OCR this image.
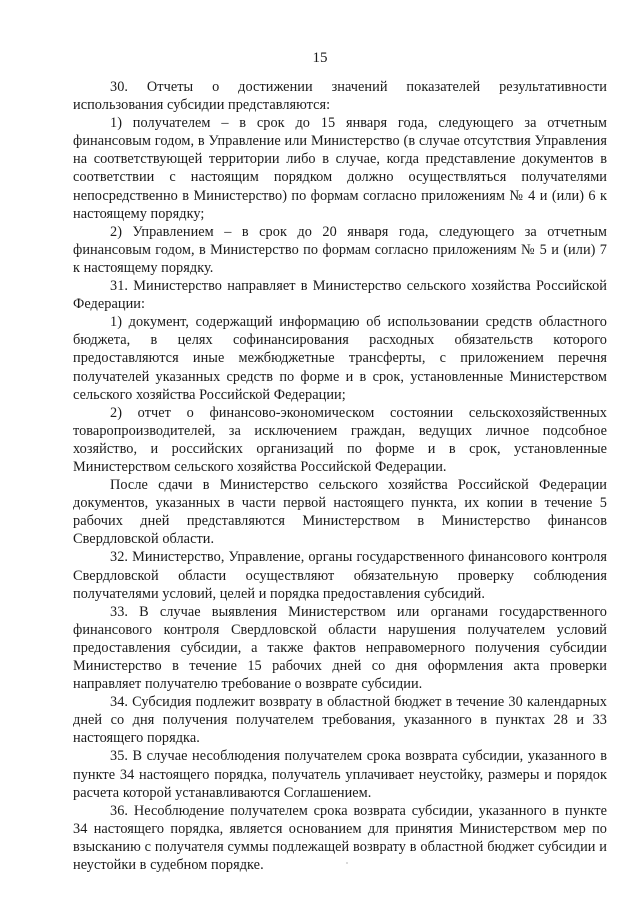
15

30. Отчеты о достижении значений показателей результативности использования субсидии представляются:

1) получателем – в срок до 15 января года, следующего за отчетным финансовым годом, в Управление или Министерство (в случае отсутствия Управления на соответствующей территории либо в случае, когда представление документов в соответствии с настоящим порядком должно осуществляться получателями непосредственно в Министерство) по формам согласно приложениям № 4 и (или) 6 к настоящему порядку;

2) Управлением – в срок до 20 января года, следующего за отчетным финансовым годом, в Министерство по формам согласно приложениям № 5 и (или) 7 к настоящему порядку.

31. Министерство направляет в Министерство сельского хозяйства Российской Федерации:

1) документ, содержащий информацию об использовании средств областного бюджета, в целях софинансирования расходных обязательств которого предоставляются иные межбюджетные трансферты, с приложением перечня получателей указанных средств по форме и в срок, установленные Министерством сельского хозяйства Российской Федерации;

2) отчет о финансово-экономическом состоянии сельскохозяйственных товаропроизводителей, за исключением граждан, ведущих личное подсобное хозяйство, и российских организаций по форме и в срок, установленные Министерством сельского хозяйства Российской Федерации.

После сдачи в Министерство сельского хозяйства Российской Федерации документов, указанных в части первой настоящего пункта, их копии в течение 5 рабочих дней представляются Министерством в Министерство финансов Свердловской области.

32. Министерство, Управление, органы государственного финансового контроля Свердловской области осуществляют обязательную проверку соблюдения получателями условий, целей и порядка предоставления субсидий.

33. В случае выявления Министерством или органами государственного финансового контроля Свердловской области нарушения получателем условий предоставления субсидии, а также фактов неправомерного получения субсидии Министерство в течение 15 рабочих дней со дня оформления акта проверки направляет получателю требование о возврате субсидии.

34. Субсидия подлежит возврату в областной бюджет в течение 30 календарных дней со дня получения получателем требования, указанного в пунктах 28 и 33 настоящего порядка.

35. В случае несоблюдения получателем срока возврата субсидии, указанного в пункте 34 настоящего порядка, получатель уплачивает неустойку, размеры и порядок расчета которой устанавливаются Соглашением.

36. Несоблюдение получателем срока возврата субсидии, указанного в пункте 34 настоящего порядка, является основанием для принятия Министерством мер по взысканию с получателя суммы подлежащей возврату в областной бюджет субсидии и неустойки в судебном порядке.
